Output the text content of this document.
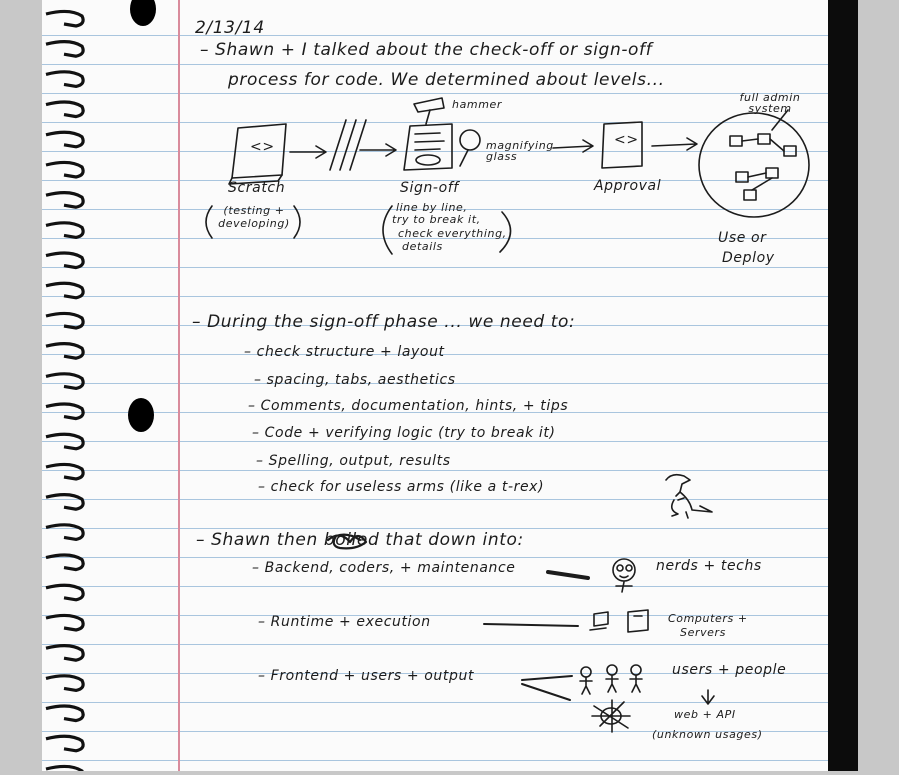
2/13/14
– Shawn + I talked about the check-off or sign-off
process for code. We determined about levels...
hammer
magnifying glass
full admin system
<>	<>
Scratch
(testing + developing)
Sign-off
line by line,
try to break it,
check everything,
details
Approval
Use or
Deploy
– During the sign-off phase ... we need to:
– check structure + layout
– spacing, tabs, aesthetics
– Comments, documentation, hints, + tips
– Code + verifying logic (try to break it)
– Spelling, output, results
– check for useless arms (like a t-rex)
– Shawn then boiled that down into:
– Backend, coders, + maintenance	nerds + techs
– Runtime + execution	Computers +
Servers
– Frontend + users + output	users + people
web + API
(unknown usages)
